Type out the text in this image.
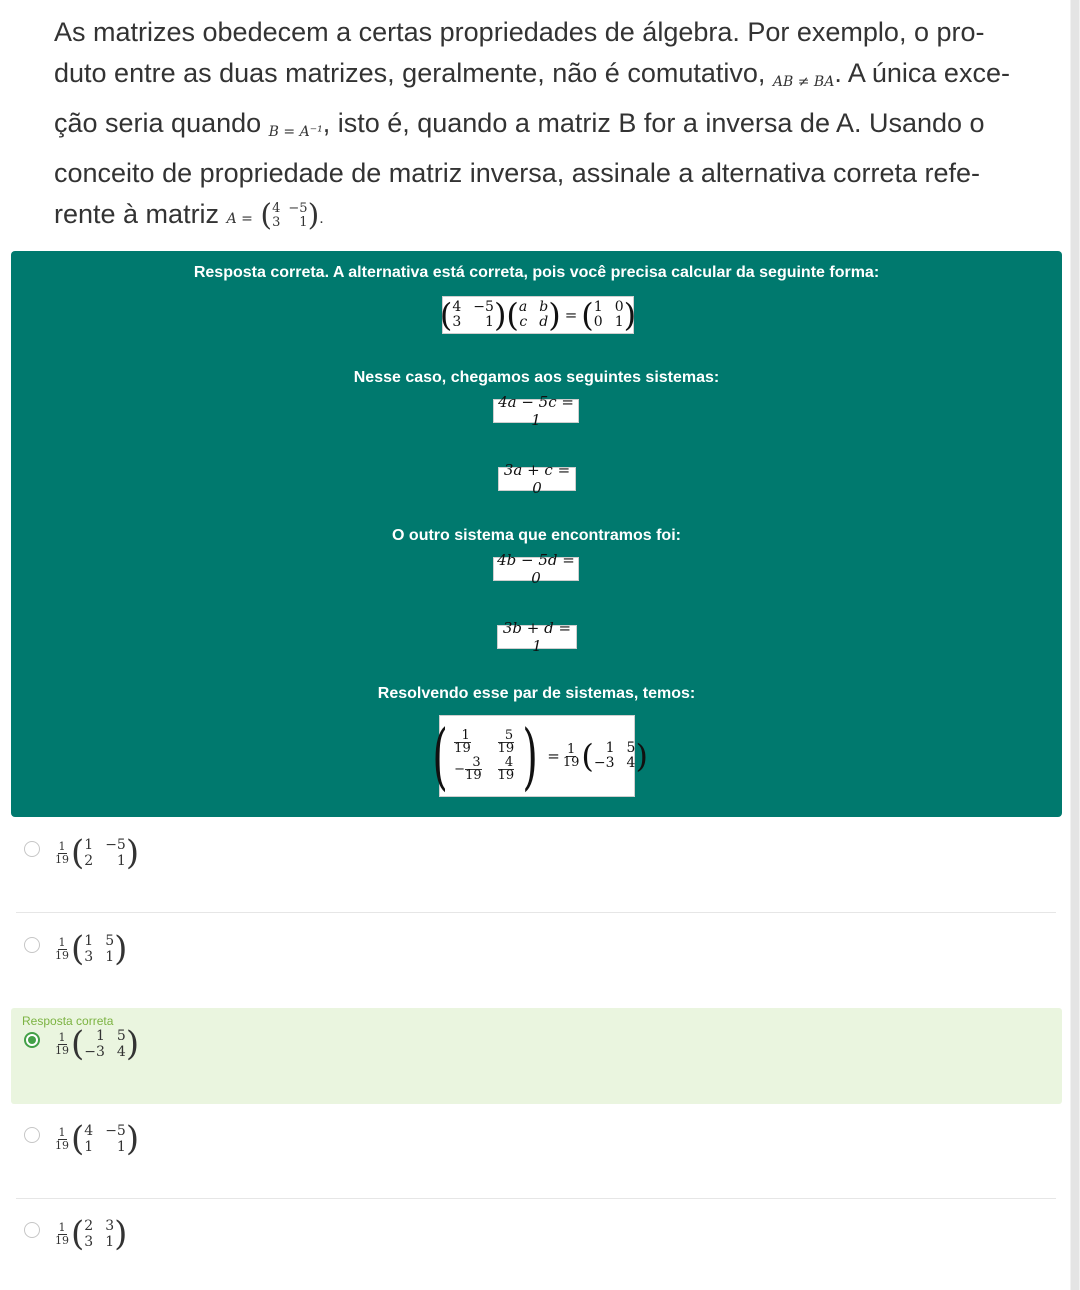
As matrizes obedecem a certas propriedades de álgebra. Por exemplo, o pro-
duto entre as duas matrizes, geralmente, não é comutativo, AB ≠ BA. A única exce-
ção seria quando B = A⁻¹, isto é, quando a matriz B for a inversa de A. Usando o
conceito de propriedade de matriz inversa, assinale a alternativa correta refe-
rente à matriz A = ( 4 −5
3	1 ) .
Resposta correta. A alternativa está correta, pois você precisa calcular da seguinte forma:
( 4 −5
3	1 ) ( a b
c d ) = ( 1 0
0 1 )
Nesse caso, chegamos aos seguintes sistemas:
4a − 5c = 1
3a + c = 0
O outro sistema que encontramos foi:
4b − 5d = 0
3b + d = 1
Resolvendo esse par de sistemas, temos:
( $\frac{1}{19} \frac{5}{19}$
− $\frac{3}{19} \frac{4}{19}$ ) = $\frac{1}{19}$ ( 1 5
−3 4 )
$\frac{1}{19}$ ( 1 −5
2	1 )
$\frac{1}{19}$ ( 1 5
3 1 )
Resposta correta
$\frac{1}{19}$ ( 1 5
−3 4 )
$\frac{1}{19}$ ( 4 −5
1	1 )
$\frac{1}{19}$ ( 2 3
3 1 )
